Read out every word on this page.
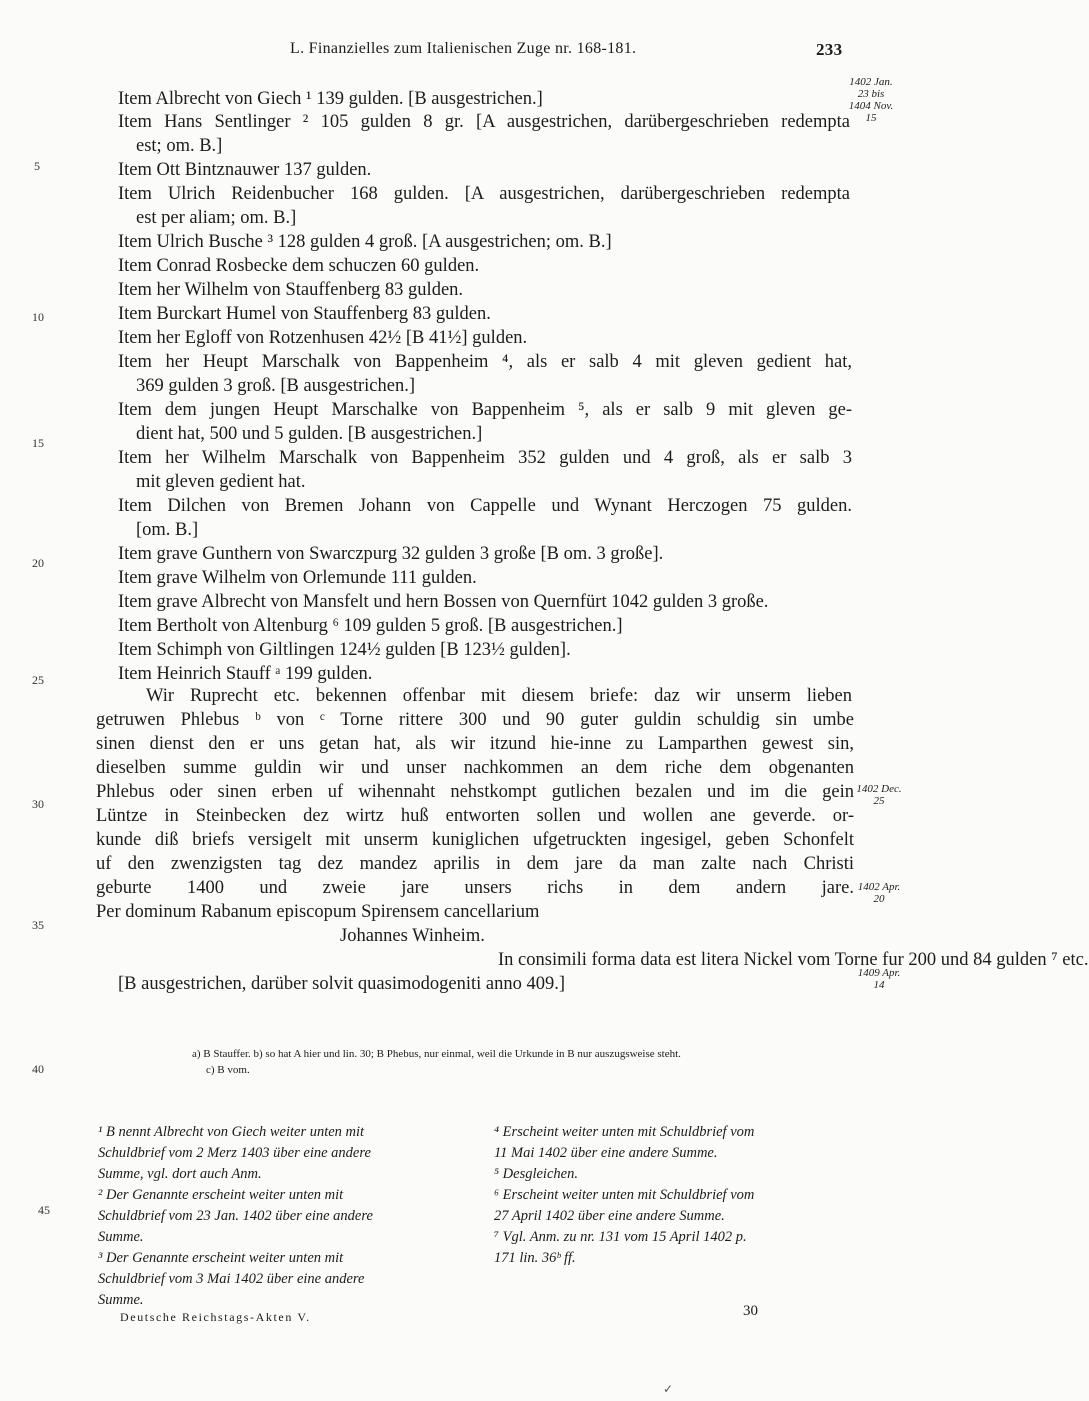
L. Finanzielles zum Italienischen Zuge nr. 168-181.	233
Item Albrecht von Giech ¹ 139 gulden. [B ausgestrichen.]
Item Hans Sentlinger ² 105 gulden 8 gr. [A ausgestrichen, darübergeschrieben redempta
est; om. B.]
Item Ott Bintznauwer 137 gulden.
Item Ulrich Reidenbucher 168 gulden. [A ausgestrichen, darübergeschrieben redempta
est per aliam; om. B.]
Item Ulrich Busche ³ 128 gulden 4 groß. [A ausgestrichen; om. B.]
Item Conrad Rosbecke dem schuczen 60 gulden.
Item her Wilhelm von Stauffenberg 83 gulden.
Item Burckart Humel von Stauffenberg 83 gulden.
Item her Egloff von Rotzenhusen 42½ [B 41½] gulden.
Item her Heupt Marschalk von Bappenheim ⁴, als er salb 4 mit gleven gedient hat,
369 gulden 3 groß. [B ausgestrichen.]
Item dem jungen Heupt Marschalke von Bappenheim ⁵, als er salb 9 mit gleven ge-
dient hat, 500 und 5 gulden. [B ausgestrichen.]
Item her Wilhelm Marschalk von Bappenheim 352 gulden und 4 groß, als er salb 3
mit gleven gedient hat.
Item Dilchen von Bremen Johann von Cappelle und Wynant Herczogen 75 gulden.
[om. B.]
Item grave Gunthern von Swarczpurg 32 gulden 3 große [B om. 3 große].
Item grave Wilhelm von Orlemunde 111 gulden.
Item grave Albrecht von Mansfelt und hern Bossen von Quernfürt 1042 gulden 3 große.
Item Bertholt von Altenburg ⁶ 109 gulden 5 groß. [B ausgestrichen.]
Item Schimph von Giltlingen 124½ gulden [B 123½ gulden].
Item Heinrich Stauff ᵃ 199 gulden.
Wir Ruprecht etc. bekennen offenbar mit diesem briefe: daz wir unserm lieben
getruwen Phlebus ᵇ von ᶜ Torne rittere 300 und 90 guter guldin schuldig sin umbe
sinen dienst den er uns getan hat, als wir itzund hie-inne zu Lamparthen gewest sin,
dieselben summe guldin wir und unser nachkommen an dem riche dem obgenanten
Phlebus oder sinen erben uf wihennaht nehstkompt gutlichen bezalen und im die gein
Lüntze in Steinbecken dez wirtz huß entworten sollen und wollen ane geverde. or-
kunde diß briefs versigelt mit unserm kuniglichen ufgetruckten ingesigel, geben Schonfelt
uf den zwenzigsten tag dez mandez aprilis in dem jare da man zalte nach Christi
geburte 1400 und zweie jare unsers richs in dem andern jare.
Per dominum Rabanum episcopum Spirensem cancellarium
Johannes Winheim.
In consimili forma data est litera Nickel vom Torne fur 200 und 84 gulden ⁷ etc.
[B ausgestrichen, darüber solvit quasimodogeniti anno 409.]
5
10
15
20
25
30
35
40
45
1402 Jan. 23 bis 1404 Nov. 15
1402 Dec. 25
1402 Apr. 20
1409 Apr. 14
a) B Stauffer. b) so hat A hier und lin. 30; B Phebus, nur einmal, weil die Urkunde in B nur auszugsweise steht.
c) B vom.
¹ B nennt Albrecht von Giech weiter unten mit
Schuldbrief vom 2 Merz 1403 über eine andere
Summe, vgl. dort auch Anm.
² Der Genannte erscheint weiter unten mit
Schuldbrief vom 23 Jan. 1402 über eine andere
Summe.
³ Der Genannte erscheint weiter unten mit
Schuldbrief vom 3 Mai 1402 über eine andere
Summe.
⁴ Erscheint weiter unten mit Schuldbrief vom
11 Mai 1402 über eine andere Summe.
⁵ Desgleichen.
⁶ Erscheint weiter unten mit Schuldbrief vom
27 April 1402 über eine andere Summe.
⁷ Vgl. Anm. zu nr. 131 vom 15 April 1402 p.
171 lin. 36ᵇ ff.
Deutsche Reichstags-Akten V.	30
✓
